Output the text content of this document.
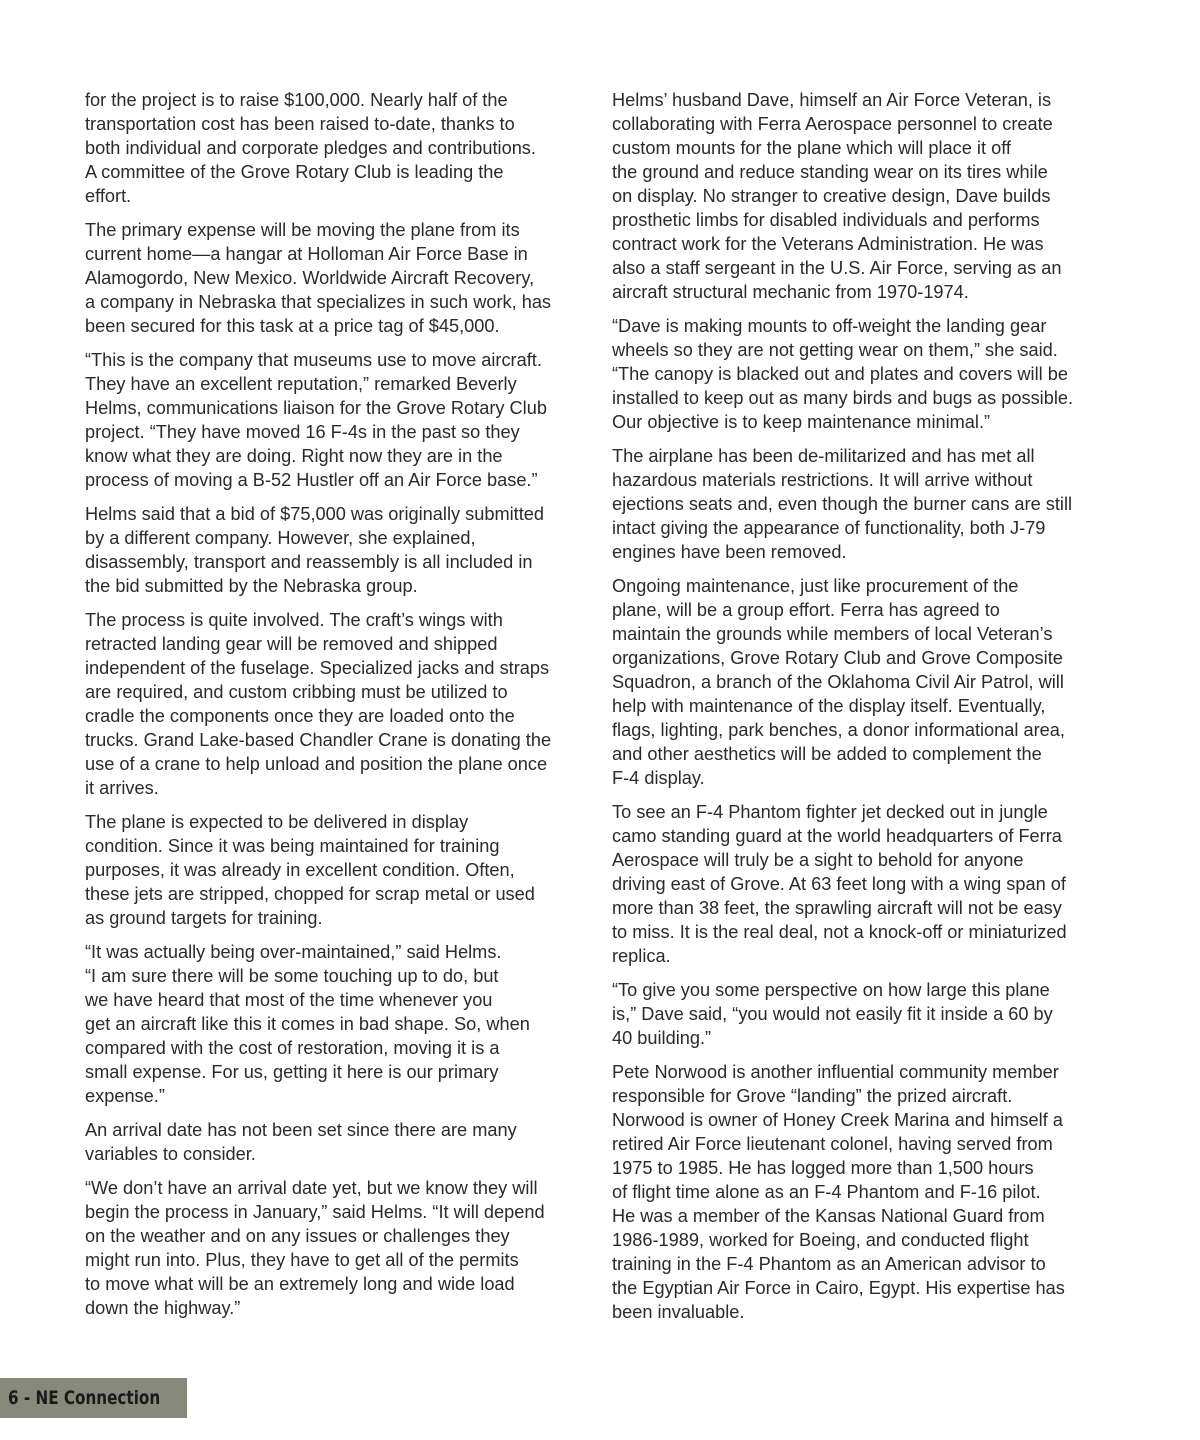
for the project is to raise $100,000. Nearly half of the
transportation cost has been raised to-date, thanks to
both individual and corporate pledges and contributions.
A committee of the Grove Rotary Club is leading the
effort.

The primary expense will be moving the plane from its
current home—a hangar at Holloman Air Force Base in
Alamogordo, New Mexico. Worldwide Aircraft Recovery,
a company in Nebraska that specializes in such work, has
been secured for this task at a price tag of $45,000.

“This is the company that museums use to move aircraft.
They have an excellent reputation,” remarked Beverly
Helms, communications liaison for the Grove Rotary Club
project. “They have moved 16 F-4s in the past so they
know what they are doing. Right now they are in the
process of moving a B-52 Hustler off an Air Force base.”

Helms said that a bid of $75,000 was originally submitted
by a different company. However, she explained,
disassembly, transport and reassembly is all included in
the bid submitted by the Nebraska group.

The process is quite involved. The craft’s wings with
retracted landing gear will be removed and shipped
independent of the fuselage. Specialized jacks and straps
are required, and custom cribbing must be utilized to
cradle the components once they are loaded onto the
trucks. Grand Lake-based Chandler Crane is donating the
use of a crane to help unload and position the plane once
it arrives.

The plane is expected to be delivered in display
condition. Since it was being maintained for training
purposes, it was already in excellent condition. Often,
these jets are stripped, chopped for scrap metal or used
as ground targets for training.

“It was actually being over-maintained,” said Helms.
“I am sure there will be some touching up to do, but
we have heard that most of the time whenever you
get an aircraft like this it comes in bad shape. So, when
compared with the cost of restoration, moving it is a
small expense. For us, getting it here is our primary
expense.”

An arrival date has not been set since there are many
variables to consider.

“We don’t have an arrival date yet, but we know they will
begin the process in January,” said Helms. “It will depend
on the weather and on any issues or challenges they
might run into. Plus, they have to get all of the permits
to move what will be an extremely long and wide load
down the highway.”

Helms’ husband Dave, himself an Air Force Veteran, is
collaborating with Ferra Aerospace personnel to create
custom mounts for the plane which will place it off
the ground and reduce standing wear on its tires while
on display. No stranger to creative design, Dave builds
prosthetic limbs for disabled individuals and performs
contract work for the Veterans Administration. He was
also a staff sergeant in the U.S. Air Force, serving as an
aircraft structural mechanic from 1970-1974.

“Dave is making mounts to off-weight the landing gear
wheels so they are not getting wear on them,” she said.
“The canopy is blacked out and plates and covers will be
installed to keep out as many birds and bugs as possible.
Our objective is to keep maintenance minimal.”

The airplane has been de-militarized and has met all
hazardous materials restrictions. It will arrive without
ejections seats and, even though the burner cans are still
intact giving the appearance of functionality, both J-79
engines have been removed.

Ongoing maintenance, just like procurement of the
plane, will be a group effort. Ferra has agreed to
maintain the grounds while members of local Veteran’s
organizations, Grove Rotary Club and Grove Composite
Squadron, a branch of the Oklahoma Civil Air Patrol, will
help with maintenance of the display itself. Eventually,
flags, lighting, park benches, a donor informational area,
and other aesthetics will be added to complement the
F-4 display.

To see an F-4 Phantom fighter jet decked out in jungle
camo standing guard at the world headquarters of Ferra
Aerospace will truly be a sight to behold for anyone
driving east of Grove. At 63 feet long with a wing span of
more than 38 feet, the sprawling aircraft will not be easy
to miss. It is the real deal, not a knock-off or miniaturized
replica.

“To give you some perspective on how large this plane
is,” Dave said, “you would not easily fit it inside a 60 by
40 building.”

Pete Norwood is another influential community member
responsible for Grove “landing” the prized aircraft.
Norwood is owner of Honey Creek Marina and himself a
retired Air Force lieutenant colonel, having served from
1975 to 1985. He has logged more than 1,500 hours
of flight time alone as an F-4 Phantom and F-16 pilot.
He was a member of the Kansas National Guard from
1986-1989, worked for Boeing, and conducted flight
training in the F-4 Phantom as an American advisor to
the Egyptian Air Force in Cairo, Egypt. His expertise has
been invaluable.

6 - NE Connection
